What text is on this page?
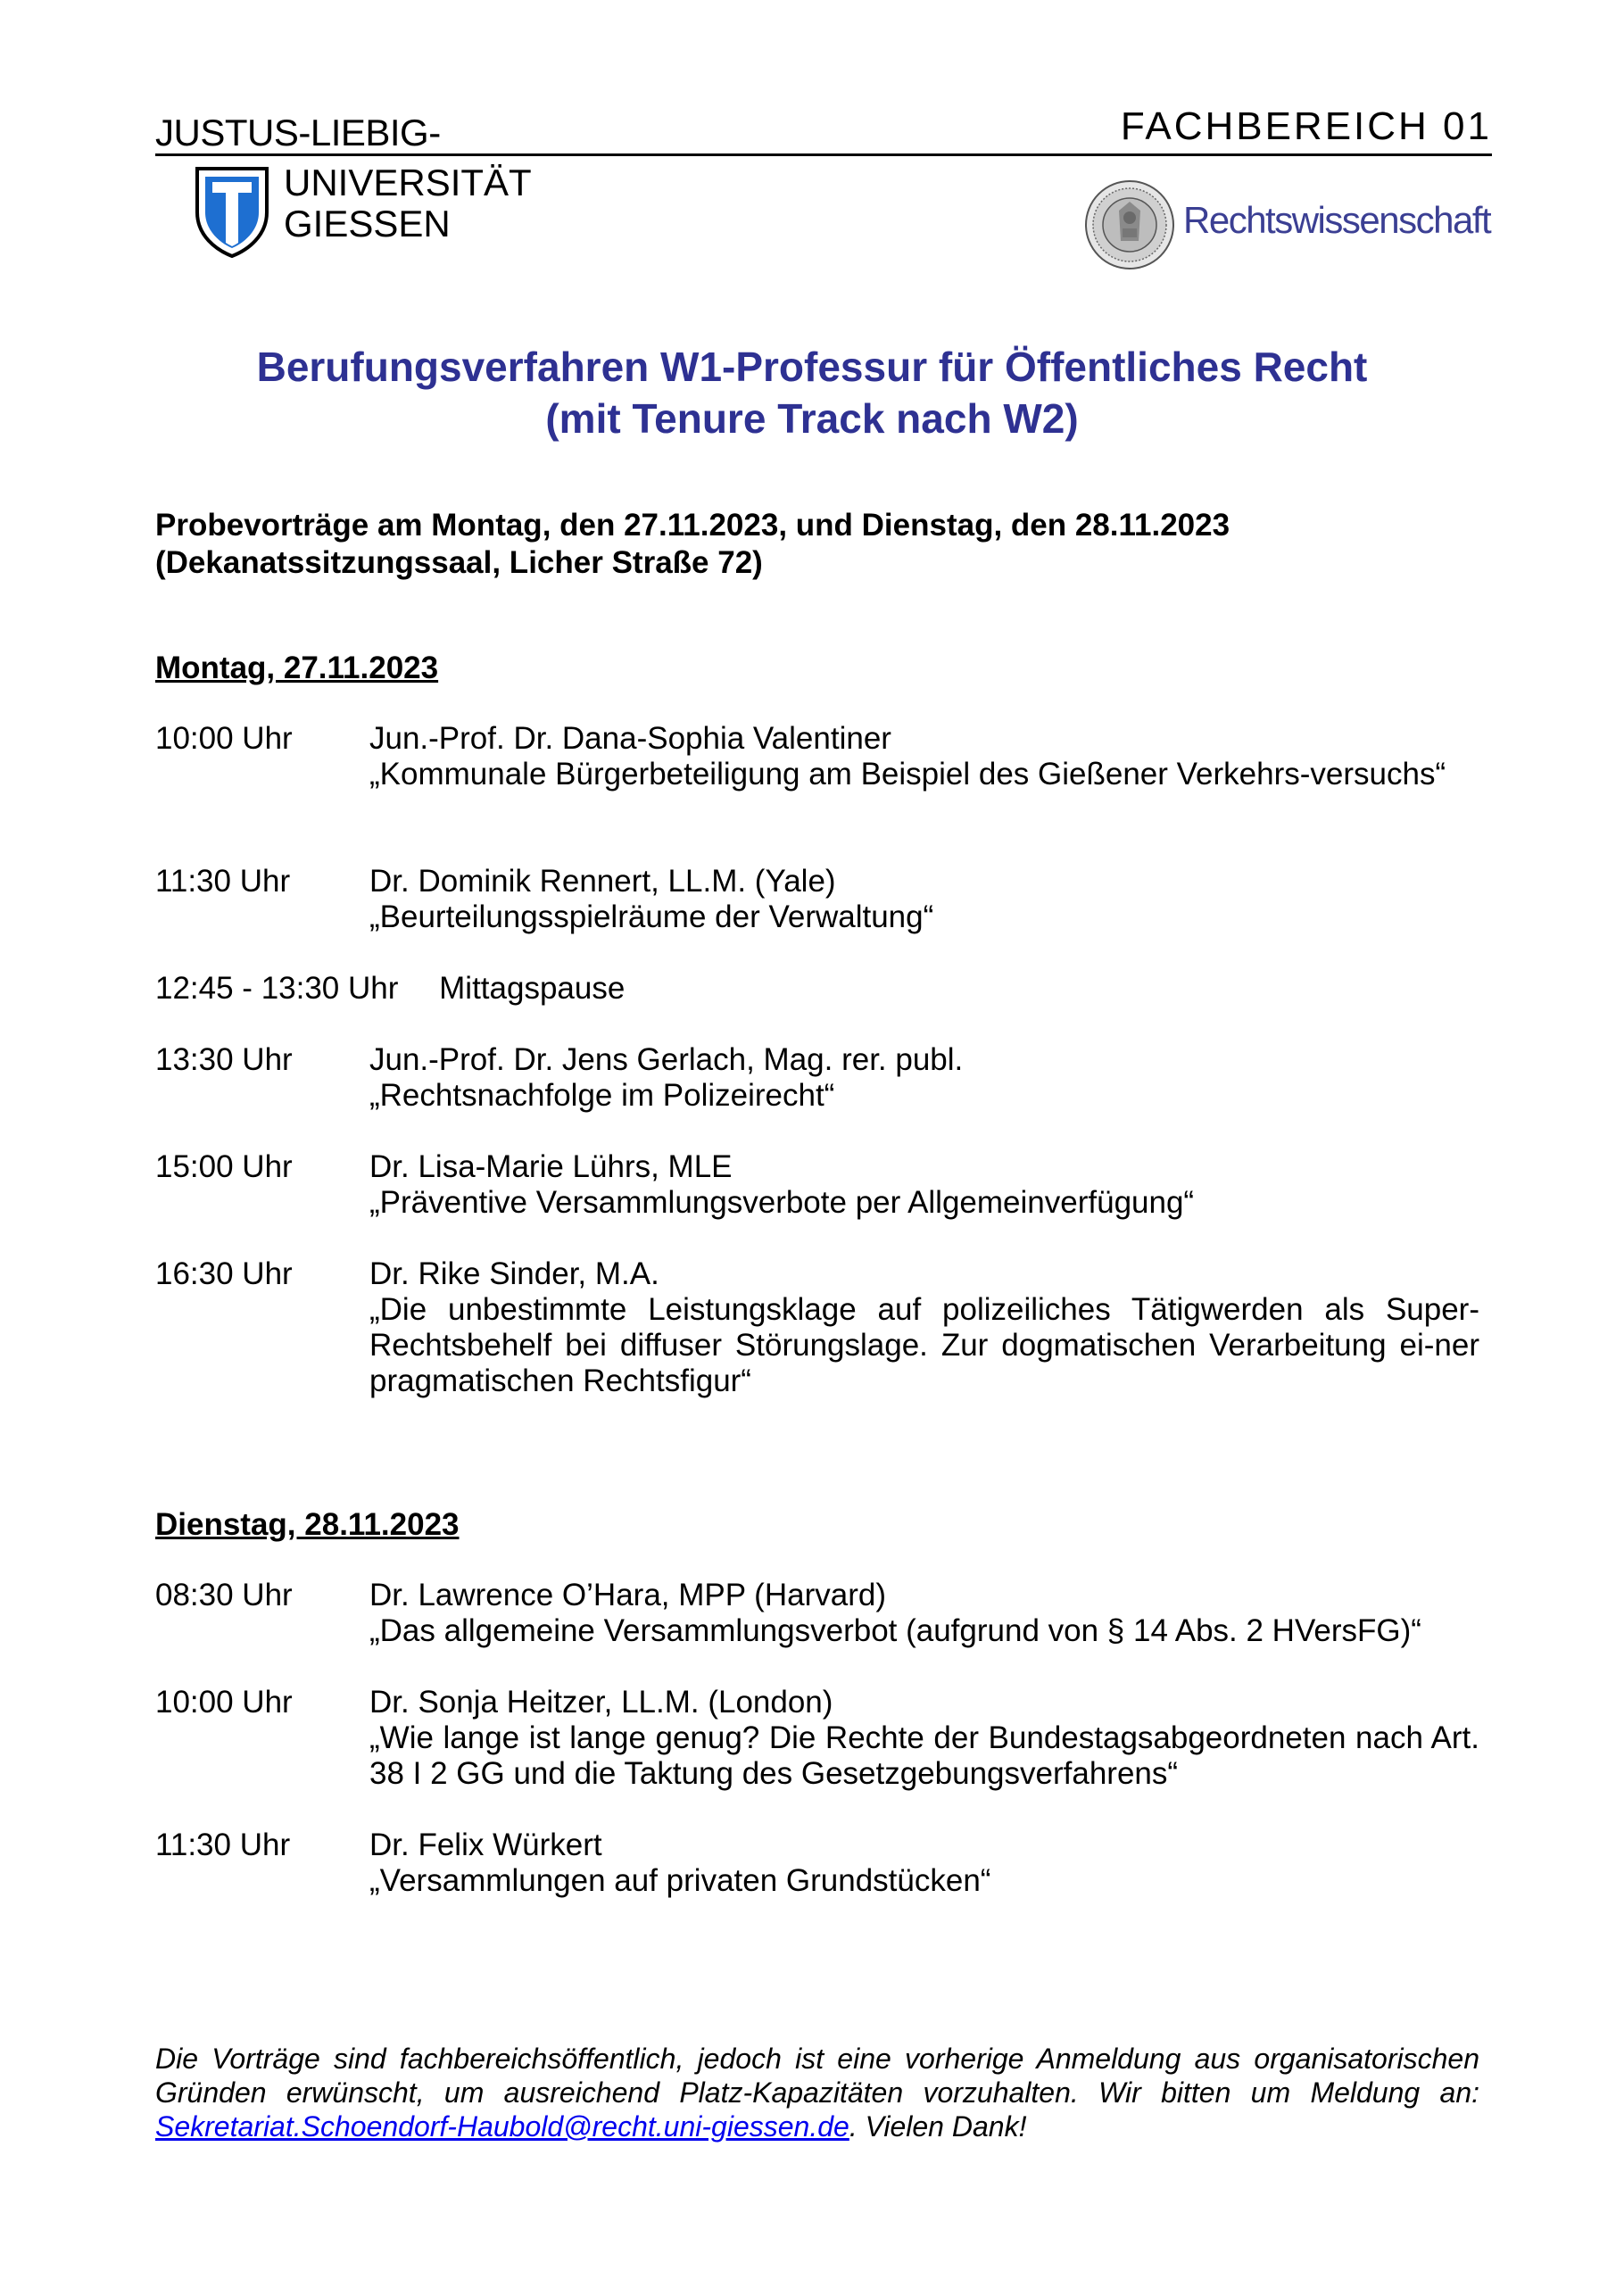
JUSTUS-LIEBIG-	FACHBEREICH 01
UNIVERSITÄT
GIESSEN	Rechtswissenschaft
Berufungsverfahren W1-Professur für Öffentliches Recht
(mit Tenure Track nach W2)
Probevorträge am Montag, den 27.11.2023, und Dienstag, den 28.11.2023
(Dekanatssitzungssaal, Licher Straße 72)
Montag, 27.11.2023
10:00 Uhr Jun.-Prof. Dr. Dana-Sophia Valentiner
„Kommunale Bürgerbeteiligung am Beispiel des Gießener Verkehrs-versuchs“
11:30 Uhr	Dr. Dominik Rennert, LL.M. (Yale)
„Beurteilungsspielräume der Verwaltung“
12:45 - 13:30 Uhr Mittagspause
13:30 Uhr Jun.-Prof. Dr. Jens Gerlach, Mag. rer. publ.
„Rechtsnachfolge im Polizeirecht“
15:00 Uhr Dr. Lisa-Marie Lührs, MLE
„Präventive Versammlungsverbote per Allgemeinverfügung“
16:30 Uhr Dr. Rike Sinder, M.A.
„Die unbestimmte Leistungsklage auf polizeiliches Tätigwerden als Super-Rechtsbehelf bei diffuser Störungslage. Zur dogmatischen Verarbeitung ei-ner pragmatischen Rechtsfigur“
Dienstag, 28.11.2023
08:30 Uhr Dr. Lawrence O’Hara, MPP (Harvard)
„Das allgemeine Versammlungsverbot (aufgrund von § 14 Abs. 2 HVersFG)“
10:00 Uhr Dr. Sonja Heitzer, LL.M. (London)
„Wie lange ist lange genug? Die Rechte der Bundestagsabgeordneten nach Art. 38 I 2 GG und die Taktung des Gesetzgebungsverfahrens“
11:30 Uhr	Dr. Felix Würkert
„Versammlungen auf privaten Grundstücken“
Die Vorträge sind fachbereichsöffentlich, jedoch ist eine vorherige Anmeldung aus organisatorischen Gründen erwünscht, um ausreichend Platz-Kapazitäten vorzuhalten. Wir bitten um Meldung an: Sekretariat.Schoendorf-Haubold@recht.uni-giessen.de. Vielen Dank!
